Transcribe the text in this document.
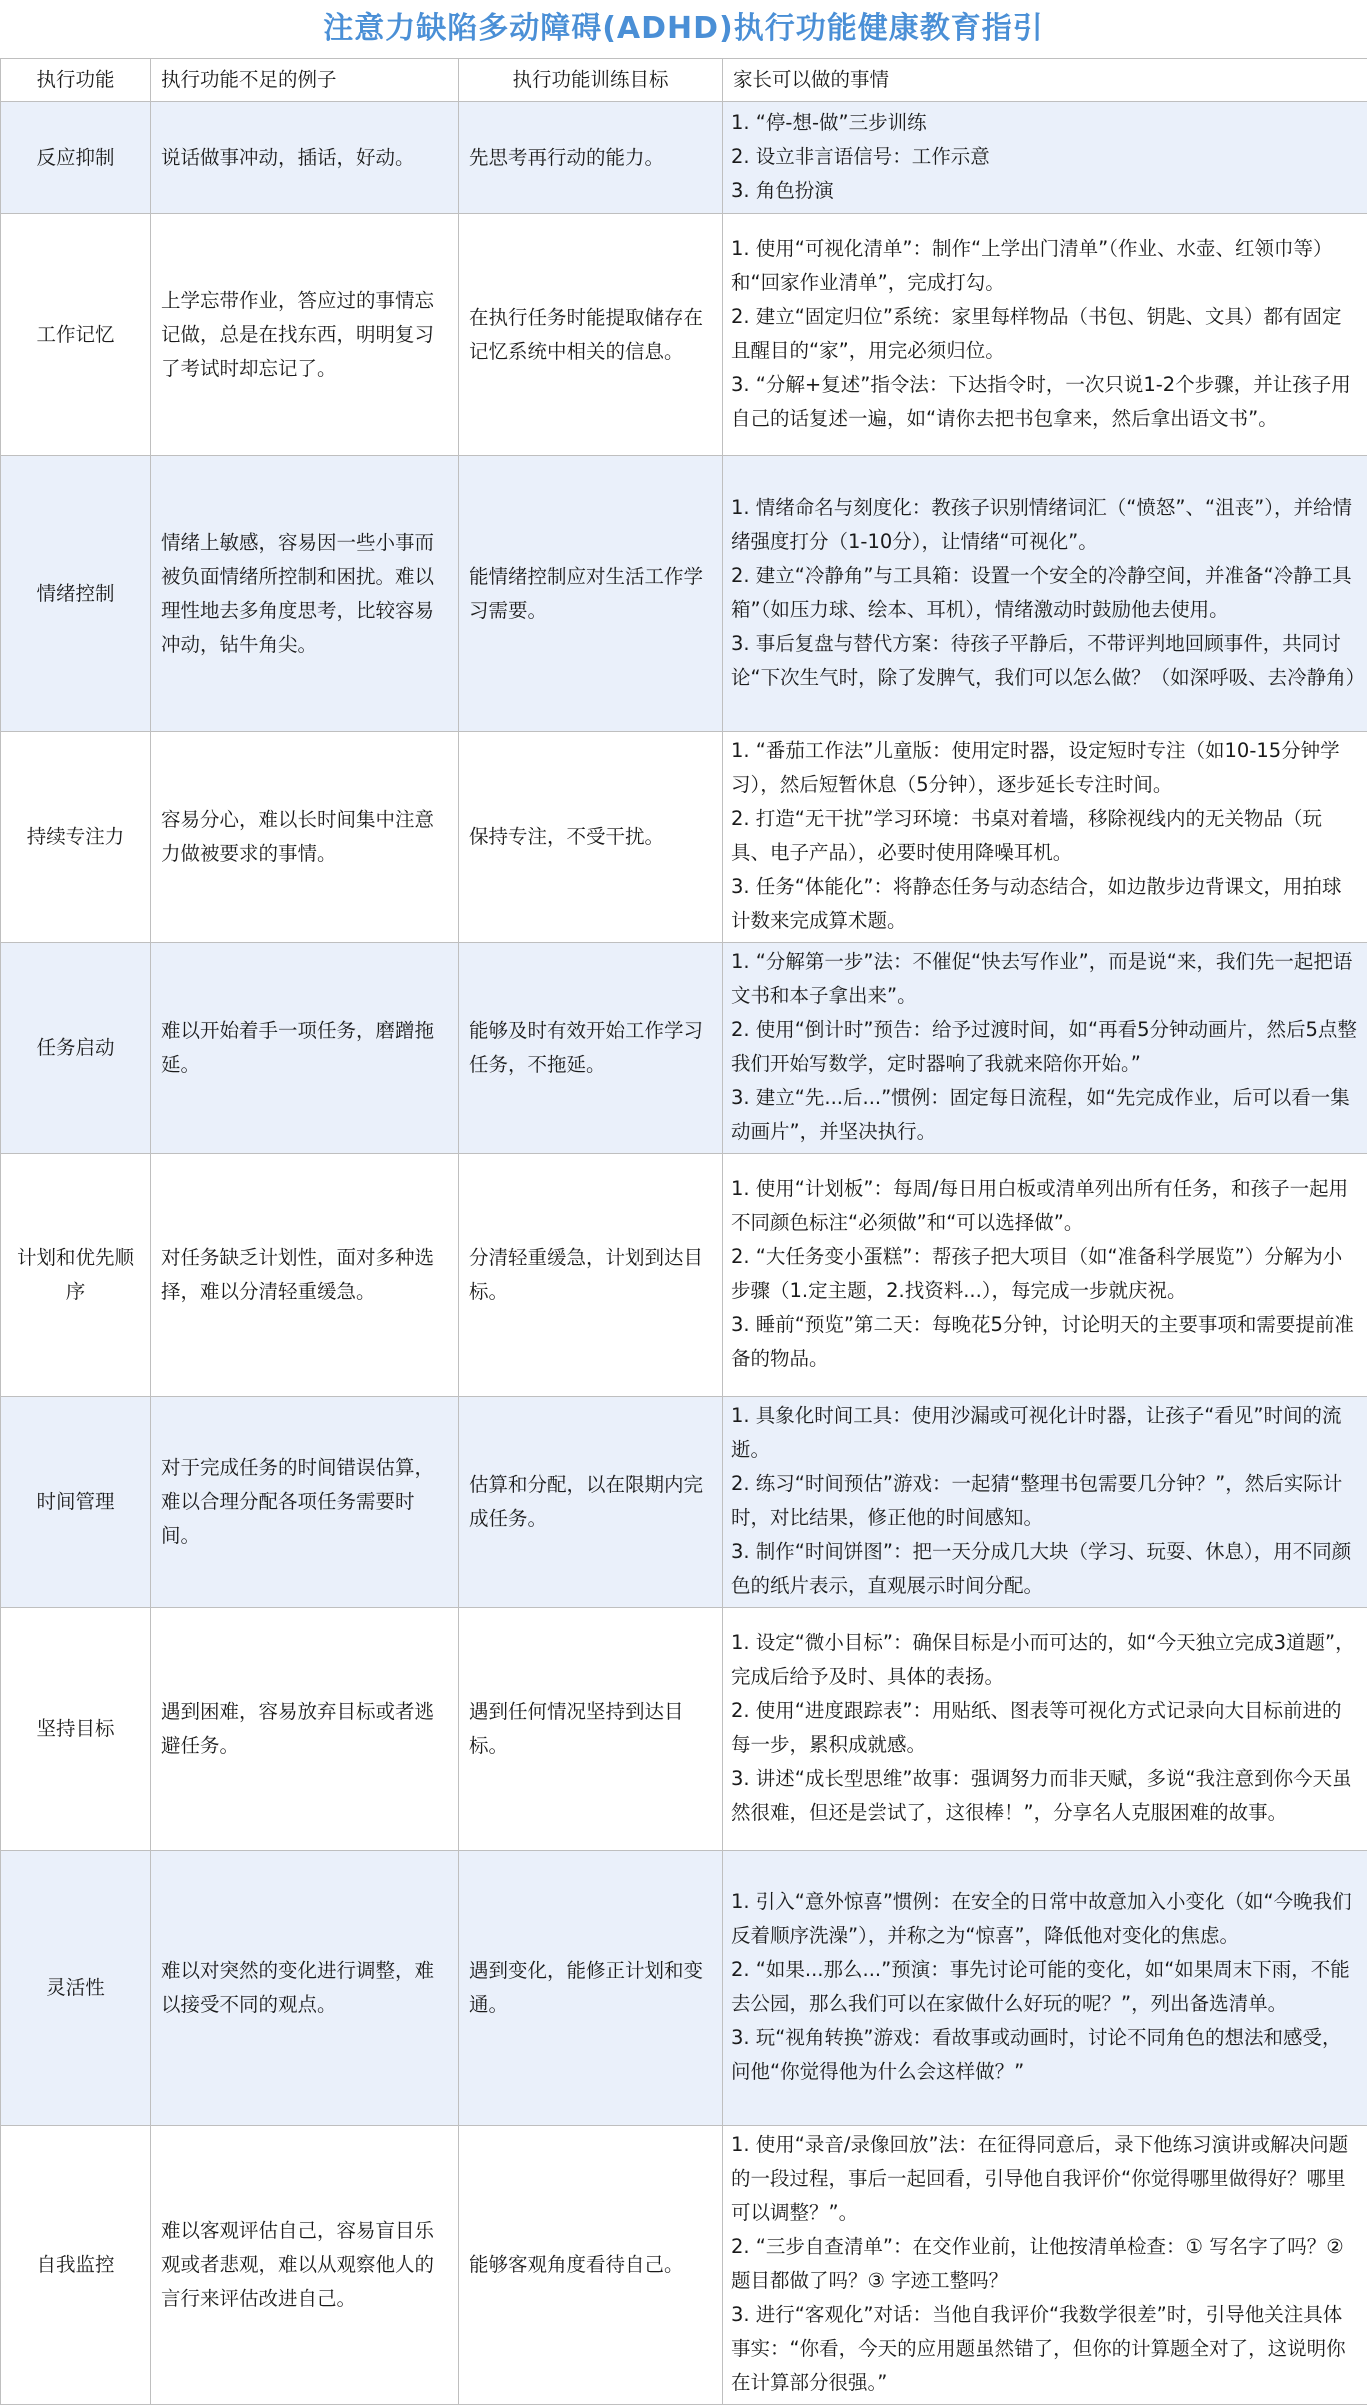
注意力缺陷多动障碍(ADHD)执行功能健康教育指引
执行功能	执行功能不足的例子	执行功能训练目标	家长可以做的事情
反应抑制	说话做事冲动，插话，好动。	先思考再行动的能力。	1. “停-想-做”三步训练
2. 设立非言语信号：工作示意
3. 角色扮演

工作记忆	上学忘带作业，答应过的事情忘记做，总是在找东西，明明复习了考试时却忘记了。	在执行任务时能提取储存在记忆系统中相关的信息。	1. 使用“可视化清单”：制作“上学出门清单”（作业、水壶、红领巾等）和“回家作业清单”，完成打勾。
2. 建立“固定归位”系统：家里每样物品（书包、钥匙、文具）都有固定且醒目的“家”，用完必须归位。
3. “分解+复述”指令法：下达指令时，一次只说1-2个步骤，并让孩子用自己的话复述一遍，如“请你去把书包拿来，然后拿出语文书”。

情绪控制	情绪上敏感，容易因一些小事而被负面情绪所控制和困扰。难以理性地去多角度思考，比较容易冲动，钻牛角尖。	能情绪控制应对生活工作学习需要。	1. 情绪命名与刻度化：教孩子识别情绪词汇（“愤怒”、“沮丧”），并给情绪强度打分（1-10分），让情绪“可视化”。
2. 建立“冷静角”与工具箱：设置一个安全的冷静空间，并准备“冷静工具箱”（如压力球、绘本、耳机），情绪激动时鼓励他去使用。
3. 事后复盘与替代方案：待孩子平静后，不带评判地回顾事件，共同讨论“下次生气时，除了发脾气，我们可以怎么做？（如深呼吸、去冷静角）

持续专注力	容易分心，难以长时间集中注意力做被要求的事情。	保持专注，不受干扰。	1. “番茄工作法”儿童版：使用定时器，设定短时专注（如10-15分钟学习），然后短暂休息（5分钟），逐步延长专注时间。
2. 打造“无干扰”学习环境：书桌对着墙，移除视线内的无关物品（玩具、电子产品），必要时使用降噪耳机。
3. 任务“体能化”：将静态任务与动态结合，如边散步边背课文，用拍球计数来完成算术题。

任务启动	难以开始着手一项任务，磨蹭拖延。	能够及时有效开始工作学习任务，不拖延。	1. “分解第一步”法：不催促“快去写作业”，而是说“来，我们先一起把语文书和本子拿出来”。
2. 使用“倒计时”预告：给予过渡时间，如“再看5分钟动画片，然后5点整我们开始写数学，定时器响了我就来陪你开始。”
3. 建立“先...后...”惯例：固定每日流程，如“先完成作业，后可以看一集动画片”，并坚决执行。

计划和优先顺序	对任务缺乏计划性，面对多种选择，难以分清轻重缓急。	分清轻重缓急，计划到达目标。	1. 使用“计划板”：每周/每日用白板或清单列出所有任务，和孩子一起用不同颜色标注“必须做”和“可以选择做”。
2. “大任务变小蛋糕”：帮孩子把大项目（如“准备科学展览”）分解为小步骤（1.定主题，2.找资料...），每完成一步就庆祝。
3. 睡前“预览”第二天：每晚花5分钟，讨论明天的主要事项和需要提前准备的物品。

时间管理	对于完成任务的时间错误估算，难以合理分配各项任务需要时间。	估算和分配，以在限期内完成任务。	1. 具象化时间工具：使用沙漏或可视化计时器，让孩子“看见”时间的流逝。
2. 练习“时间预估”游戏：一起猜“整理书包需要几分钟？”，然后实际计时，对比结果，修正他的时间感知。
3. 制作“时间饼图”：把一天分成几大块（学习、玩耍、休息），用不同颜色的纸片表示，直观展示时间分配。

坚持目标	遇到困难，容易放弃目标或者逃避任务。	遇到任何情况坚持到达目标。	1. 设定“微小目标”：确保目标是小而可达的，如“今天独立完成3道题”，完成后给予及时、具体的表扬。
2. 使用“进度跟踪表”：用贴纸、图表等可视化方式记录向大目标前进的每一步，累积成就感。
3. 讲述“成长型思维”故事：强调努力而非天赋，多说“我注意到你今天虽然很难，但还是尝试了，这很棒！”，分享名人克服困难的故事。

灵活性	难以对突然的变化进行调整，难以接受不同的观点。	遇到变化，能修正计划和变通。	1. 引入“意外惊喜”惯例：在安全的日常中故意加入小变化（如“今晚我们反着顺序洗澡”），并称之为“惊喜”，降低他对变化的焦虑。
2. “如果...那么...”预演：事先讨论可能的变化，如“如果周末下雨，不能去公园，那么我们可以在家做什么好玩的呢？”，列出备选清单。
3. 玩“视角转换”游戏：看故事或动画时，讨论不同角色的想法和感受，问他“你觉得他为什么会这样做？”

自我监控	难以客观评估自己，容易盲目乐观或者悲观，难以从观察他人的言行来评估改进自己。	能够客观角度看待自己。	1. 使用“录音/录像回放”法：在征得同意后，录下他练习演讲或解决问题的一段过程，事后一起回看，引导他自我评价“你觉得哪里做得好？哪里可以调整？”。
2. “三步自查清单”：在交作业前，让他按清单检查：① 写名字了吗？② 题目都做了吗？③ 字迹工整吗？
3. 进行“客观化”对话：当他自我评价“我数学很差”时，引导他关注具体事实：“你看，今天的应用题虽然错了，但你的计算题全对了，这说明你在计算部分很强。”
